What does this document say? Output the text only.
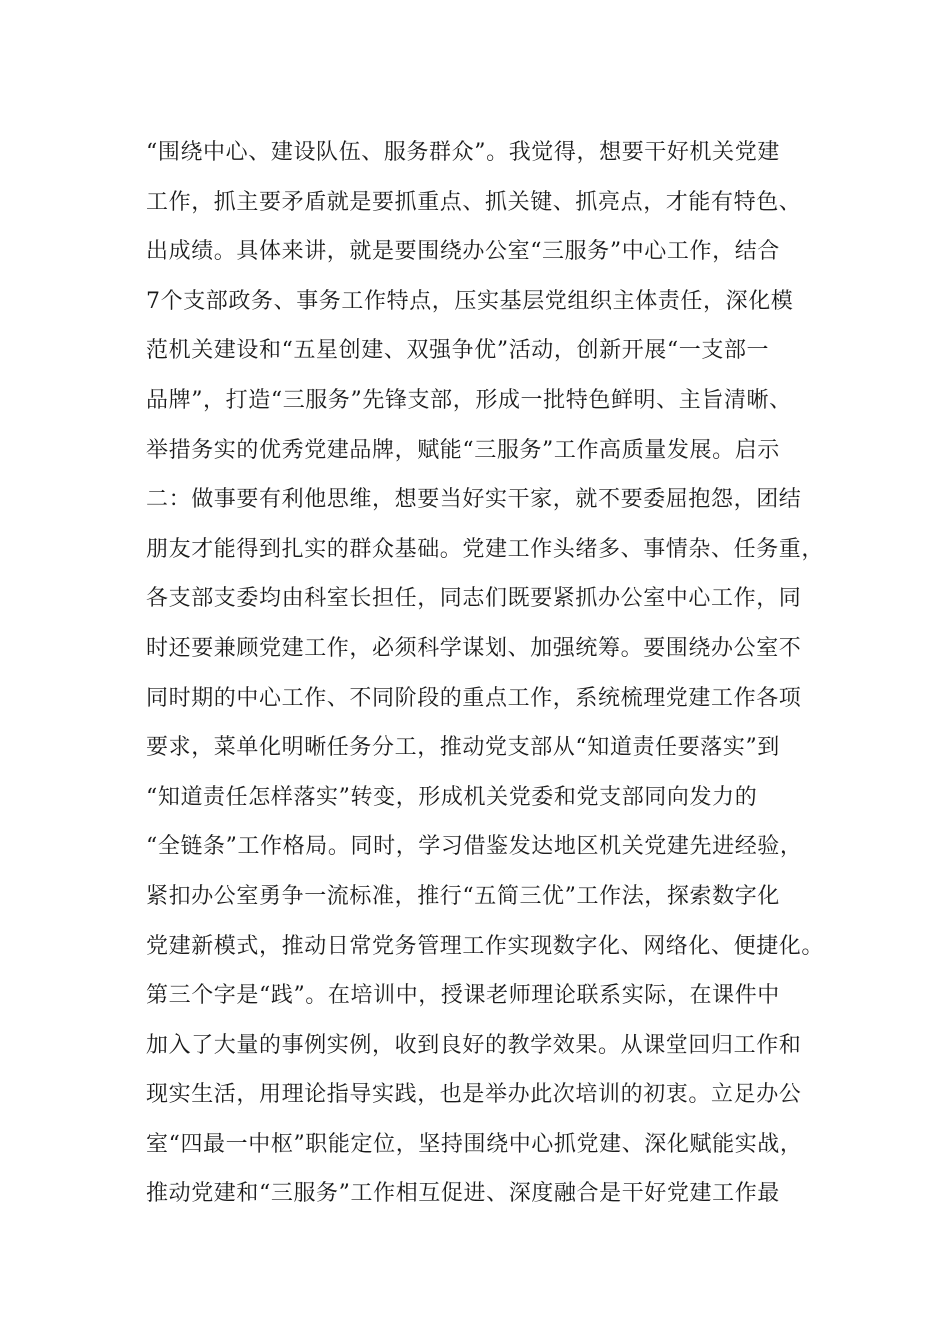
“围绕中心、建设队伍、服务群众”。我觉得，想要干好机关党建
工作，抓主要矛盾就是要抓重点、抓关键、抓亮点，才能有特色、
出成绩。具体来讲，就是要围绕办公室“三服务”中心工作，结合
7个支部政务、事务工作特点，压实基层党组织主体责任，深化模
范机关建设和“五星创建、双强争优”活动，创新开展“一支部一
品牌”，打造“三服务”先锋支部，形成一批特色鲜明、主旨清晰、
举措务实的优秀党建品牌，赋能“三服务”工作高质量发展。启示
二：做事要有利他思维，想要当好实干家，就不要委屈抱怨，团结
朋友才能得到扎实的群众基础。党建工作头绪多、事情杂、任务重，
各支部支委均由科室长担任，同志们既要紧抓办公室中心工作，同
时还要兼顾党建工作，必须科学谋划、加强统筹。要围绕办公室不
同时期的中心工作、不同阶段的重点工作，系统梳理党建工作各项
要求，菜单化明晰任务分工，推动党支部从“知道责任要落实”到
“知道责任怎样落实”转变，形成机关党委和党支部同向发力的
“全链条”工作格局。同时，学习借鉴发达地区机关党建先进经验，
紧扣办公室勇争一流标准，推行“五简三优”工作法，探索数字化
党建新模式，推动日常党务管理工作实现数字化、网络化、便捷化。
第三个字是“践”。在培训中，授课老师理论联系实际，在课件中
加入了大量的事例实例，收到良好的教学效果。从课堂回归工作和
现实生活，用理论指导实践，也是举办此次培训的初衷。立足办公
室“四最一中枢”职能定位，坚持围绕中心抓党建、深化赋能实战，
推动党建和“三服务”工作相互促进、深度融合是干好党建工作最
